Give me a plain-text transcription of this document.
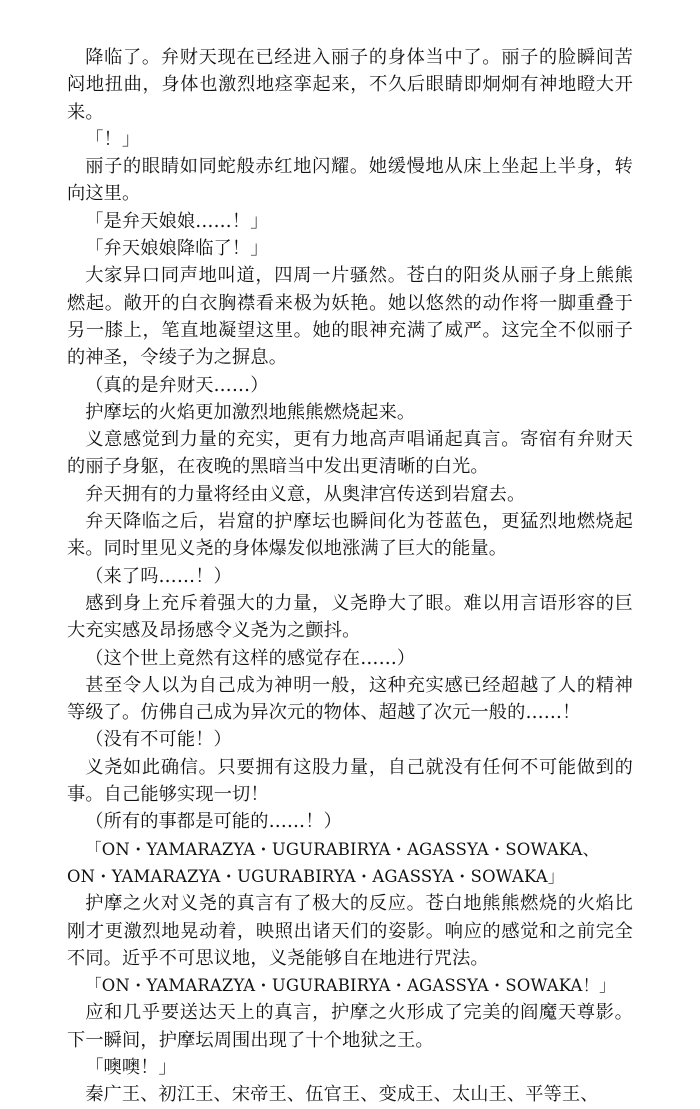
降临了。弁财天现在已经进入丽子的身体当中了。丽子的脸瞬间苦闷地扭曲，身体也激烈地痉挛起来，不久后眼睛即炯炯有神地瞪大开来。

「！」

丽子的眼睛如同蛇般赤红地闪耀。她缓慢地从床上坐起上半身，转向这里。

「是弁天娘娘……！」

「弁天娘娘降临了！」

大家异口同声地叫道，四周一片骚然。苍白的阳炎从丽子身上熊熊燃起。敞开的白衣胸襟看来极为妖艳。她以悠然的动作将一脚重叠于另一膝上，笔直地凝望这里。她的眼神充满了威严。这完全不似丽子的神圣，令绫子为之摒息。

（真的是弁财天……）

护摩坛的火焰更加激烈地熊熊燃烧起来。

义意感觉到力量的充实，更有力地高声唱诵起真言。寄宿有弁财天的丽子身躯，在夜晚的黑暗当中发出更清晰的白光。

弁天拥有的力量将经由义意，从奥津宫传送到岩窟去。

弁天降临之后，岩窟的护摩坛也瞬间化为苍蓝色，更猛烈地燃烧起来。同时里见义尧的身体爆发似地涨满了巨大的能量。

（来了吗……！）

感到身上充斥着强大的力量，义尧睁大了眼。难以用言语形容的巨大充实感及昂扬感令义尧为之颤抖。

（这个世上竟然有这样的感觉存在……）

甚至令人以为自己成为神明一般，这种充实感已经超越了人的精神等级了。仿佛自己成为异次元的物体、超越了次元一般的……！

（没有不可能！）

义尧如此确信。只要拥有这股力量，自己就没有任何不可能做到的事。自己能够实现一切！

（所有的事都是可能的……！）

「ON・YAMARAZYA・UGURABIRYA・AGASSYA・SOWAKA、

ON・YAMARAZYA・UGURABIRYA・AGASSYA・SOWAKA」

护摩之火对义尧的真言有了极大的反应。苍白地熊熊燃烧的火焰比刚才更激烈地晃动着，映照出诸天们的姿影。响应的感觉和之前完全不同。近乎不可思议地，义尧能够自在地进行咒法。

「ON・YAMARAZYA・UGURABIRYA・AGASSYA・SOWAKA！」

应和几乎要送达天上的真言，护摩之火形成了完美的阎魔天尊影。下一瞬间，护摩坛周围出现了十个地狱之王。

「噢噢！」

秦广王、初江王、宋帝王、伍官王、变成王、太山王、平等王、
